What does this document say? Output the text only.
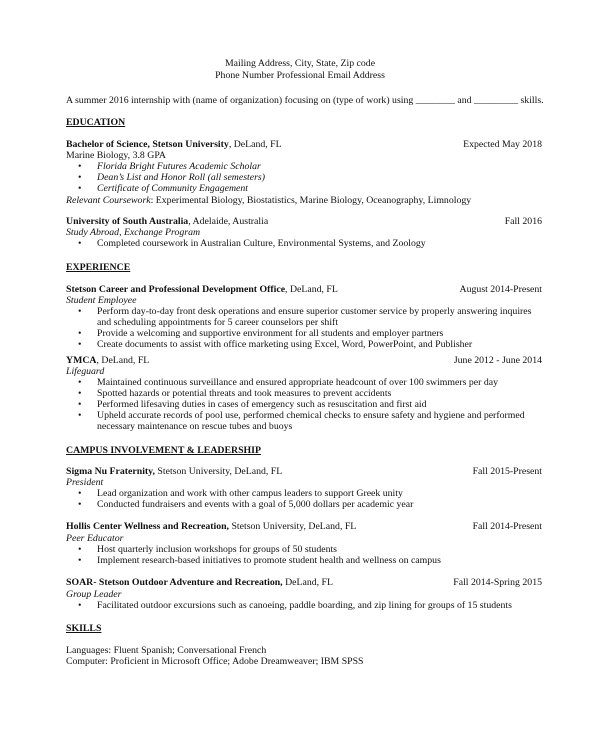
Mailing Address, City, State, Zip code
Phone Number Professional Email Address
A summer 2016 internship with (name of organization) focusing on (type of work) using ________ and _________ skills.
EDUCATION
Bachelor of Science, Stetson University, DeLand, FL	Expected May 2018
Marine Biology, 3.8 GPA
• Florida Bright Futures Academic Scholar
• Dean’s List and Honor Roll (all semesters)
• Certificate of Community Engagement
Relevant Coursework: Experimental Biology, Biostatistics, Marine Biology, Oceanography, Limnology
University of South Australia, Adelaide, Australia	Fall 2016
Study Abroad, Exchange Program
• Completed coursework in Australian Culture, Environmental Systems, and Zoology
EXPERIENCE
Stetson Career and Professional Development Office, DeLand, FL	August 2014-Present
Student Employee
• Perform day-to-day front desk operations and ensure superior customer service by properly answering inquires
and scheduling appointments for 5 career counselors per shift
• Provide a welcoming and supportive environment for all students and employer partners
• Create documents to assist with office marketing using Excel, Word, PowerPoint, and Publisher
YMCA, DeLand, FL	June 2012 - June 2014
Lifeguard
• Maintained continuous surveillance and ensured appropriate headcount of over 100 swimmers per day
• Spotted hazards or potential threats and took measures to prevent accidents
• Performed lifesaving duties in cases of emergency such as resuscitation and first aid
• Upheld accurate records of pool use, performed chemical checks to ensure safety and hygiene and performed
necessary maintenance on rescue tubes and buoys
CAMPUS INVOLVEMENT & LEADERSHIP
Sigma Nu Fraternity, Stetson University, DeLand, FL	Fall 2015-Present
President
• Lead organization and work with other campus leaders to support Greek unity
• Conducted fundraisers and events with a goal of 5,000 dollars per academic year
Hollis Center Wellness and Recreation, Stetson University, DeLand, FL	Fall 2014-Present
Peer Educator
• Host quarterly inclusion workshops for groups of 50 students
• Implement research-based initiatives to promote student health and wellness on campus
SOAR- Stetson Outdoor Adventure and Recreation, DeLand, FL	Fall 2014-Spring 2015
Group Leader
• Facilitated outdoor excursions such as canoeing, paddle boarding, and zip lining for groups of 15 students
SKILLS
Languages: Fluent Spanish; Conversational French
Computer: Proficient in Microsoft Office; Adobe Dreamweaver; IBM SPSS
